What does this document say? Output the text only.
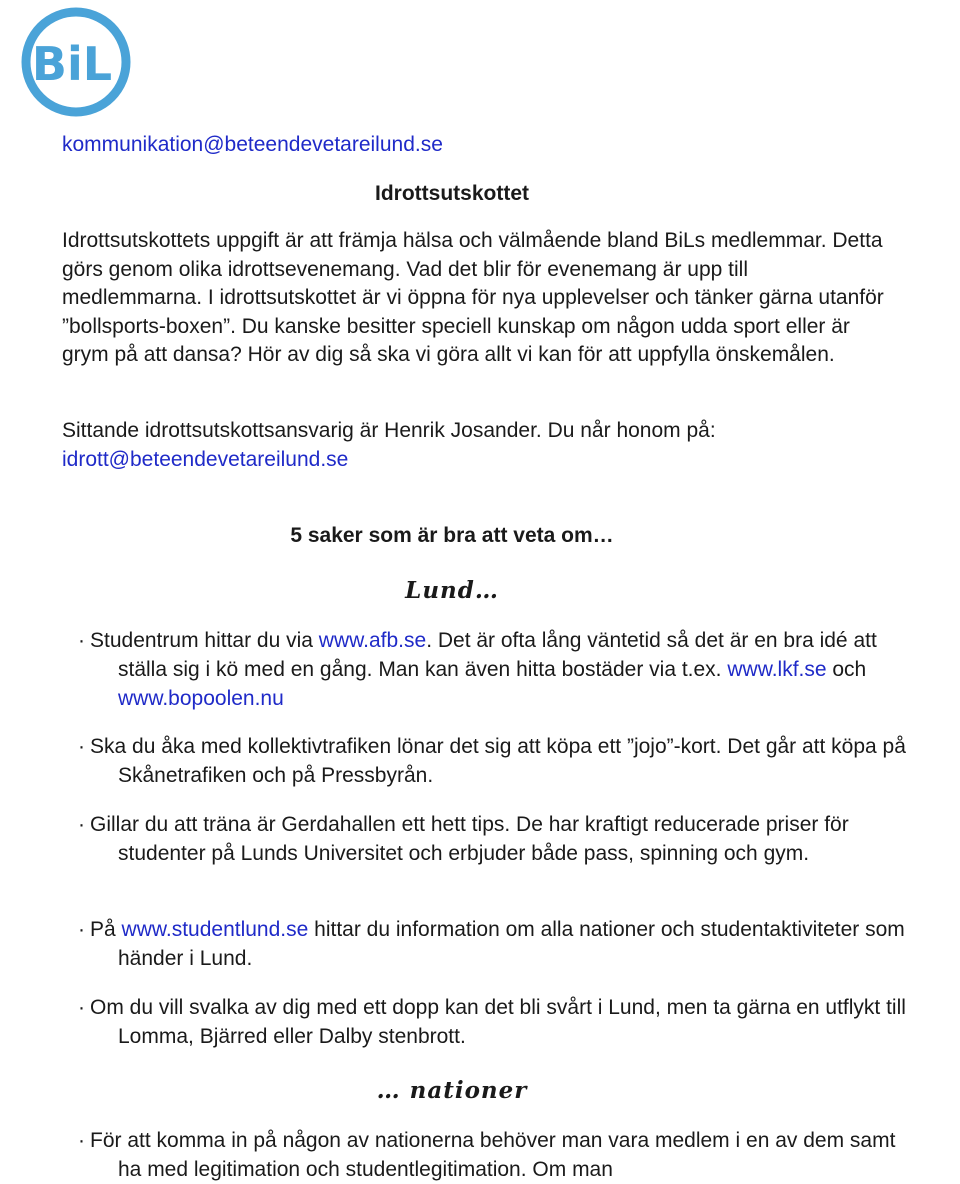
BiL
kommunikation@beteendevetareilund.se
Idrottsutskottet
Idrottsutskottets uppgift är att främja hälsa och välmående bland BiLs medlemmar. Detta görs genom olika idrottsevenemang. Vad det blir för evenemang är upp till medlemmarna. I idrottsutskottet är vi öppna för nya upplevelser och tänker gärna utanför ”bollsports-boxen”. Du kanske besitter speciell kunskap om någon udda sport eller är grym på att dansa? Hör av dig så ska vi göra allt vi kan för att uppfylla önskemålen.
Sittande idrottsutskottsansvarig är Henrik Josander. Du når honom på:
idrott@beteendevetareilund.se
5 saker som är bra att veta om…
Lund…
· Studentrum hittar du via www.afb.se. Det är ofta lång väntetid så det är en bra idé att ställa sig i kö med en gång. Man kan även hitta bostäder via t.ex. www.lkf.se och www.bopoolen.nu
· Ska du åka med kollektivtrafiken lönar det sig att köpa ett ”jojo”-kort. Det går att köpa på Skånetrafiken och på Pressbyrån.
· Gillar du att träna är Gerdahallen ett hett tips. De har kraftigt reducerade priser för studenter på Lunds Universitet och erbjuder både pass, spinning och gym.
· På www.studentlund.se hittar du information om alla nationer och studentaktiviteter som händer i Lund.
· Om du vill svalka av dig med ett dopp kan det bli svårt i Lund, men ta gärna en utflykt till Lomma, Bjärred eller Dalby stenbrott.
… nationer
· För att komma in på någon av nationerna behöver man vara medlem i en av dem samt ha med legitimation och studentlegitimation. Om man
